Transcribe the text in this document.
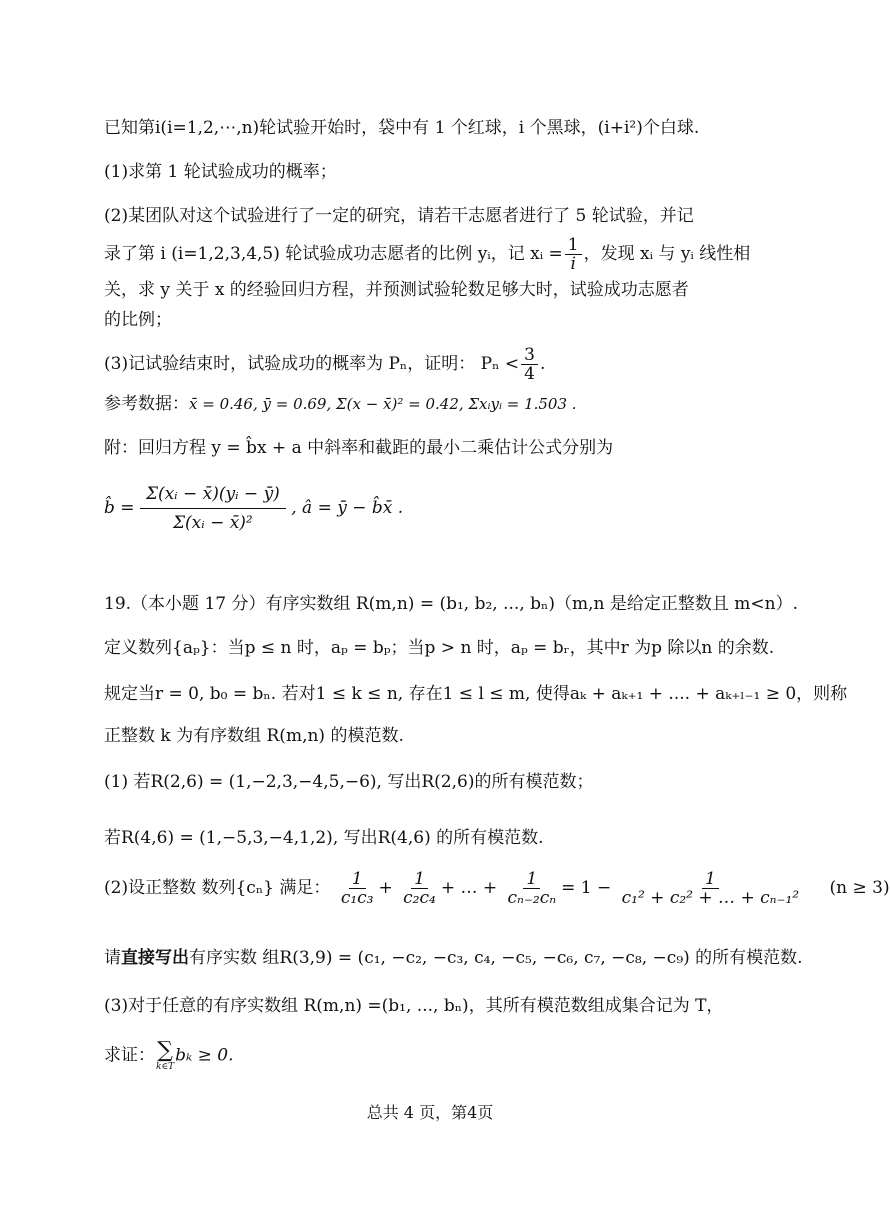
已知第i(i=1,2,⋯,n)轮试验开始时，袋中有 1 个红球，i 个黑球，(i+i²)个白球.
(1)求第 1 轮试验成功的概率；
(2)某团队对这个试验进行了一定的研究，请若干志愿者进行了 5 轮试验，并记
录了第 i (i=1,2,3,4,5) 轮试验成功志愿者的比例 yᵢ，记 xᵢ = $\frac{1}{i}$ ，发现 xᵢ 与 yᵢ 线性相
关，求 y 关于 x 的经验回归方程，并预测试验轮数足够大时，试验成功志愿者
的比例；
(3)记试验结束时，试验成功的概率为 Pₙ，证明： $P_n < \frac{3}{4}$ .
参考数据：x̄ = 0.46, ȳ = 0.69, Σ(x − x̄)² = 0.42, Σxᵢyᵢ = 1.503 .
附：回归方程 y = b̂x + a 中斜率和截距的最小二乘估计公式分别为
b̂ = $\frac{\text{Σ(xᵢ − x̄)(yᵢ − ȳ)}}{\text{Σ(xᵢ − x̄)²}}$ , â = ȳ − b̂x̄ .
19.（本小题 17 分）有序实数组 R(m,n) = (b₁, b₂, ..., bₙ)（m,n 是给定正整数且 m<n）.
定义数列{aₚ}：当p ≤ n 时，aₚ = bₚ；当p > n 时，aₚ = bᵣ，其中r 为p 除以n 的余数.
规定当r = 0, b₀ = bₙ. 若对1 ≤ k ≤ n, 存在1 ≤ l ≤ m, 使得aₖ + aₖ₊₁ + .... + aₖ₊ₗ₋₁ ≥ 0，则称
正整数 k 为有序数组 R(m,n) 的模范数.
(1) 若R(2,6) = (1,−2,3,−4,5,−6), 写出R(2,6)的所有模范数；
若R(4,6) = (1,−5,3,−4,1,2), 写出R(4,6) 的所有模范数.
(2)设正整数 数列{cₙ} 满足： $\frac{1}{\text{c₁c₃}} + \frac{1}{\text{c₂c₄}}$ + … + $\frac{1}{\text{cₙ₋₂cₙ}} = 1 - \frac{1}{\text{c₁² + c₂² + … + cₙ₋₁²}} (n \ge 3)$
请直接写出有序实数 组R(3,9) = (c₁, −c₂, −c₃, c₄, −c₅, −c₆, c₇, −c₈, −c₉) 的所有模范数.
(3)对于任意的有序实数组 R(m,n) =(b₁, ..., bₙ)，其所有模范数组成集合记为 T，
求证： ∑
k∈T
bₖ ≥ 0.
总共 4 页，第4页
